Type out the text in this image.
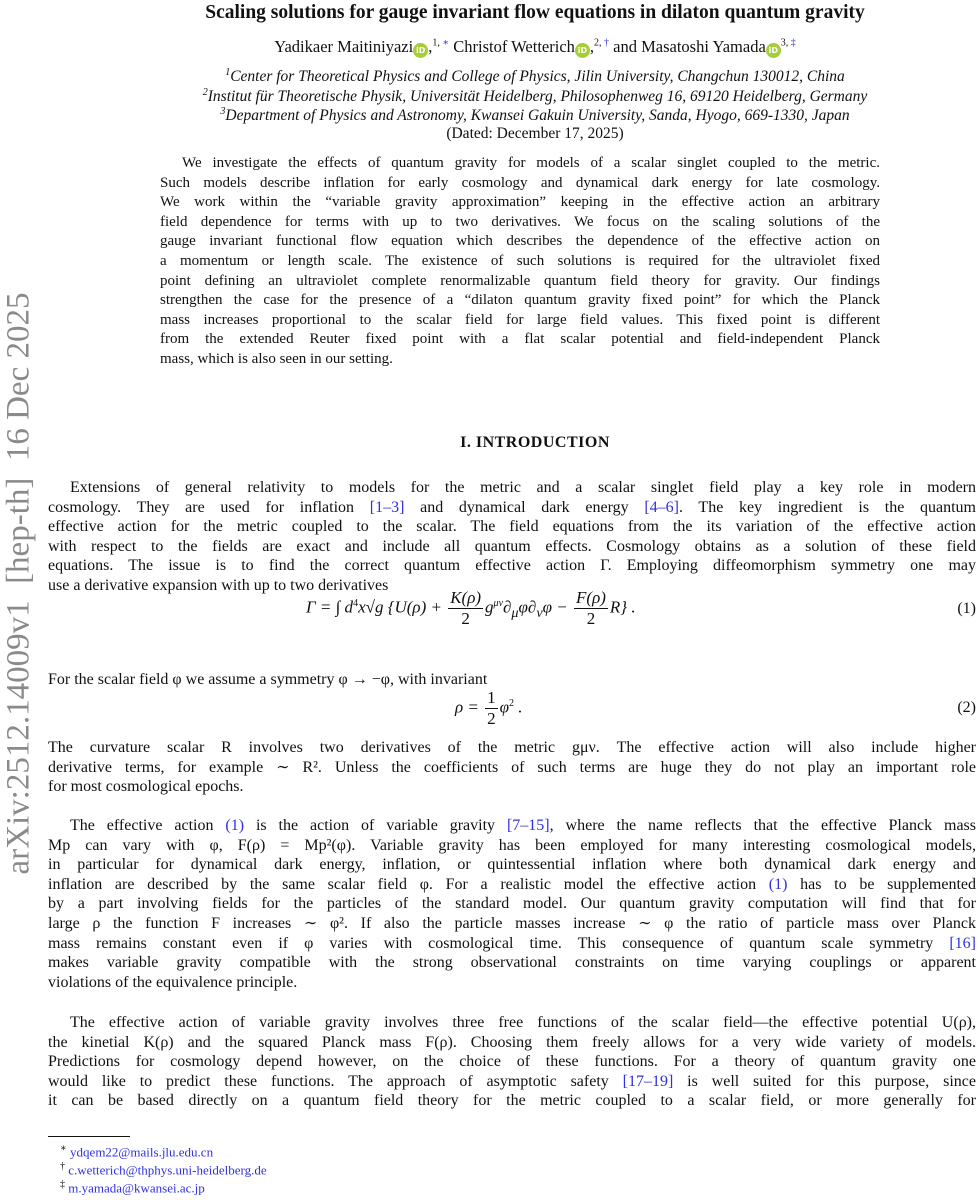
arXiv:2512.14009v1  [hep-th]  16 Dec 2025
Scaling solutions for gauge invariant flow equations in dilaton quantum gravity
Yadikaer Maitiniyazi iD ,$^{1,}$ ∗ Christof Wetterich iD ,$^{2,}$ † and Masatoshi Yamada $iD^{3,}$ ‡
$^1$Center for Theoretical Physics and College of Physics, Jilin University, Changchun 130012, China
$^2$Institut für Theoretische Physik, Universität Heidelberg, Philosophenweg 16, 69120 Heidelberg, Germany
$^3$Department of Physics and Astronomy, Kwansei Gakuin University, Sanda, Hyogo, 669-1330, Japan
(Dated: December 17, 2025)
We investigate the effects of quantum gravity for models of a scalar singlet coupled to the metric.
Such models describe inflation for early cosmology and dynamical dark energy for late cosmology.
We work within the “variable gravity approximation” keeping in the effective action an arbitrary
field dependence for terms with up to two derivatives. We focus on the scaling solutions of the
gauge invariant functional flow equation which describes the dependence of the effective action on
a momentum or length scale. The existence of such solutions is required for the ultraviolet fixed
point defining an ultraviolet complete renormalizable quantum field theory for gravity. Our findings
strengthen the case for the presence of a “dilaton quantum gravity fixed point” for which the Planck
mass increases proportional to the scalar field for large field values. This fixed point is different
from the extended Reuter fixed point with a flat scalar potential and field-independent Planck
mass, which is also seen in our setting.
I. INTRODUCTION
Extensions of general relativity to models for the metric and a scalar singlet field play a key role in modern
cosmology. They are used for inflation [1–3] and dynamical dark energy [4–6]. The key ingredient is the quantum
effective action for the metric coupled to the scalar. The field equations from the its variation of the effective action
with respect to the fields are exact and include all quantum effects. Cosmology obtains as a solution of these field
equations. The issue is to find the correct quantum effective action Γ. Employing diffeomorphism symmetry one may
use a derivative expansion with up to two derivatives
Γ = ∫ $d^4x√g$ $\{U(\rho) + \frac{K(\rho)}{2} g^{\mu\nu}\partial_\mu\varphi\partial_\nu\varphi - \frac{F(\rho)}{2} R\}$ .	(1)
For the scalar field φ we assume a symmetry φ → −φ, with invariant
$\rho = \frac{1}{2} \varphi^2$ .	(2)
The curvature scalar R involves two derivatives of the metric gμν. The effective action will also include higher
derivative terms, for example ∼ R². Unless the coefficients of such terms are huge they do not play an important role
for most cosmological epochs.
The effective action (1) is the action of variable gravity [7–15], where the name reflects that the effective Planck mass
Mp can vary with φ, F(ρ) = Mp²(φ). Variable gravity has been employed for many interesting cosmological models,
in particular for dynamical dark energy, inflation, or quintessential inflation where both dynamical dark energy and
inflation are described by the same scalar field φ. For a realistic model the effective action (1) has to be supplemented
by a part involving fields for the particles of the standard model. Our quantum gravity computation will find that for
large ρ the function F increases ∼ φ². If also the particle masses increase ∼ φ the ratio of particle mass over Planck
mass remains constant even if φ varies with cosmological time. This consequence of quantum scale symmetry [16]
makes variable gravity compatible with the strong observational constraints on time varying couplings or apparent
violations of the equivalence principle.
The effective action of variable gravity involves three free functions of the scalar field—the effective potential U(ρ),
the kinetial K(ρ) and the squared Planck mass F(ρ). Choosing them freely allows for a very wide variety of models.
Predictions for cosmology depend however, on the choice of these functions. For a theory of quantum gravity one
would like to predict these functions. The approach of asymptotic safety [17–19] is well suited for this purpose, since
it can be based directly on a quantum field theory for the metric coupled to a scalar field, or more generally for
∗ ydqem22@mails.jlu.edu.cn
† c.wetterich@thphys.uni-heidelberg.de
‡ m.yamada@kwansei.ac.jp
